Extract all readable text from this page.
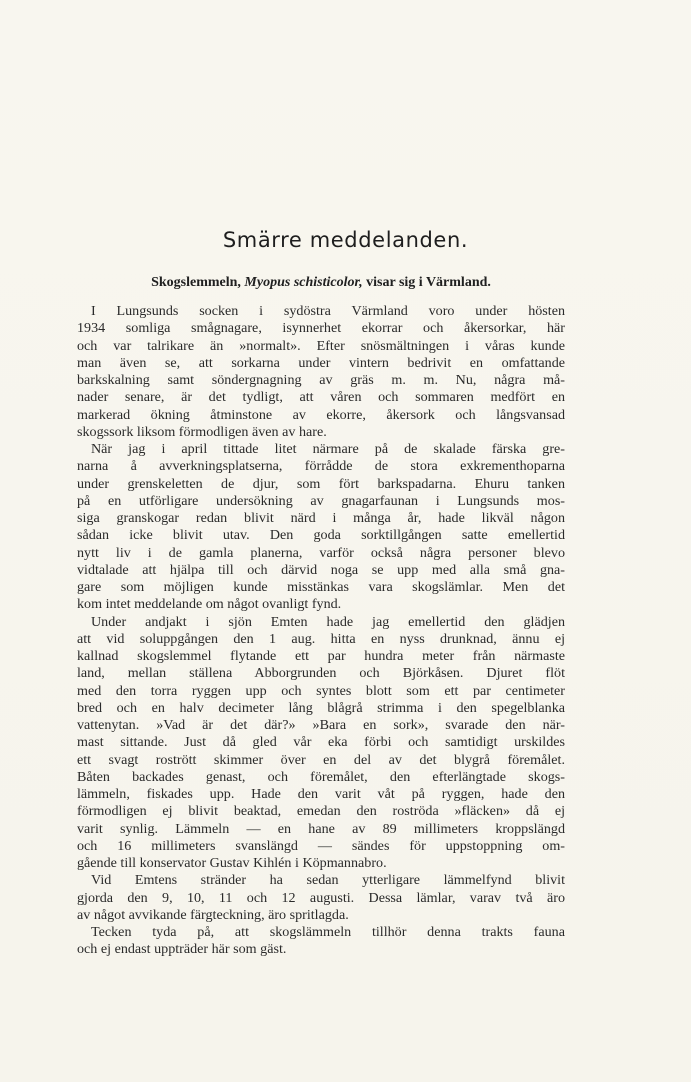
Smärre meddelanden.
Skogslemmeln, Myopus schisticolor, visar sig i Värmland.
I Lungsunds socken i sydöstra Värmland voro under hösten
1934 somliga smågnagare, isynnerhet ekorrar och åkersorkar, här
och var talrikare än »normalt». Efter snösmältningen i våras kunde
man även se, att sorkarna under vintern bedrivit en omfattande
barkskalning samt söndergnagning av gräs m. m. Nu, några må-
nader senare, är det tydligt, att våren och sommaren medfört en
markerad ökning åtminstone av ekorre, åkersork och långsvansad
skogssork liksom förmodligen även av hare.
När jag i april tittade litet närmare på de skalade färska gre-
narna å avverkningsplatserna, förrådde de stora exkrementhoparna
under grenskeletten de djur, som fört barkspadarna. Ehuru tanken
på en utförligare undersökning av gnagarfaunan i Lungsunds mos-
siga granskogar redan blivit närd i många år, hade likväl någon
sådan icke blivit utav. Den goda sorktillgången satte emellertid
nytt liv i de gamla planerna, varför också några personer blevo
vidtalade att hjälpa till och därvid noga se upp med alla små gna-
gare som möjligen kunde misstänkas vara skogslämlar. Men det
kom intet meddelande om något ovanligt fynd.
Under andjakt i sjön Emten hade jag emellertid den glädjen
att vid soluppgången den 1 aug. hitta en nyss drunknad, ännu ej
kallnad skogslemmel flytande ett par hundra meter från närmaste
land, mellan ställena Abborgrunden och Björkåsen. Djuret flöt
med den torra ryggen upp och syntes blott som ett par centimeter
bred och en halv decimeter lång blågrå strimma i den spegelblanka
vattenytan. »Vad är det där?» »Bara en sork», svarade den när-
mast sittande. Just då gled vår eka förbi och samtidigt urskildes
ett svagt rostrött skimmer över en del av det blygrå föremålet.
Båten backades genast, och föremålet, den efterlängtade skogs-
lämmeln, fiskades upp. Hade den varit våt på ryggen, hade den
förmodligen ej blivit beaktad, emedan den roströda »fläcken» då ej
varit synlig. Lämmeln — en hane av 89 millimeters kroppslängd
och 16 millimeters svanslängd — sändes för uppstoppning om-
gående till konservator Gustav Kihlén i Köpmannabro.
Vid Emtens stränder ha sedan ytterligare lämmelfynd blivit
gjorda den 9, 10, 11 och 12 augusti. Dessa lämlar, varav två äro
av något avvikande färgteckning, äro spritlagda.
Tecken tyda på, att skogslämmeln tillhör denna trakts fauna
och ej endast uppträder här som gäst.
